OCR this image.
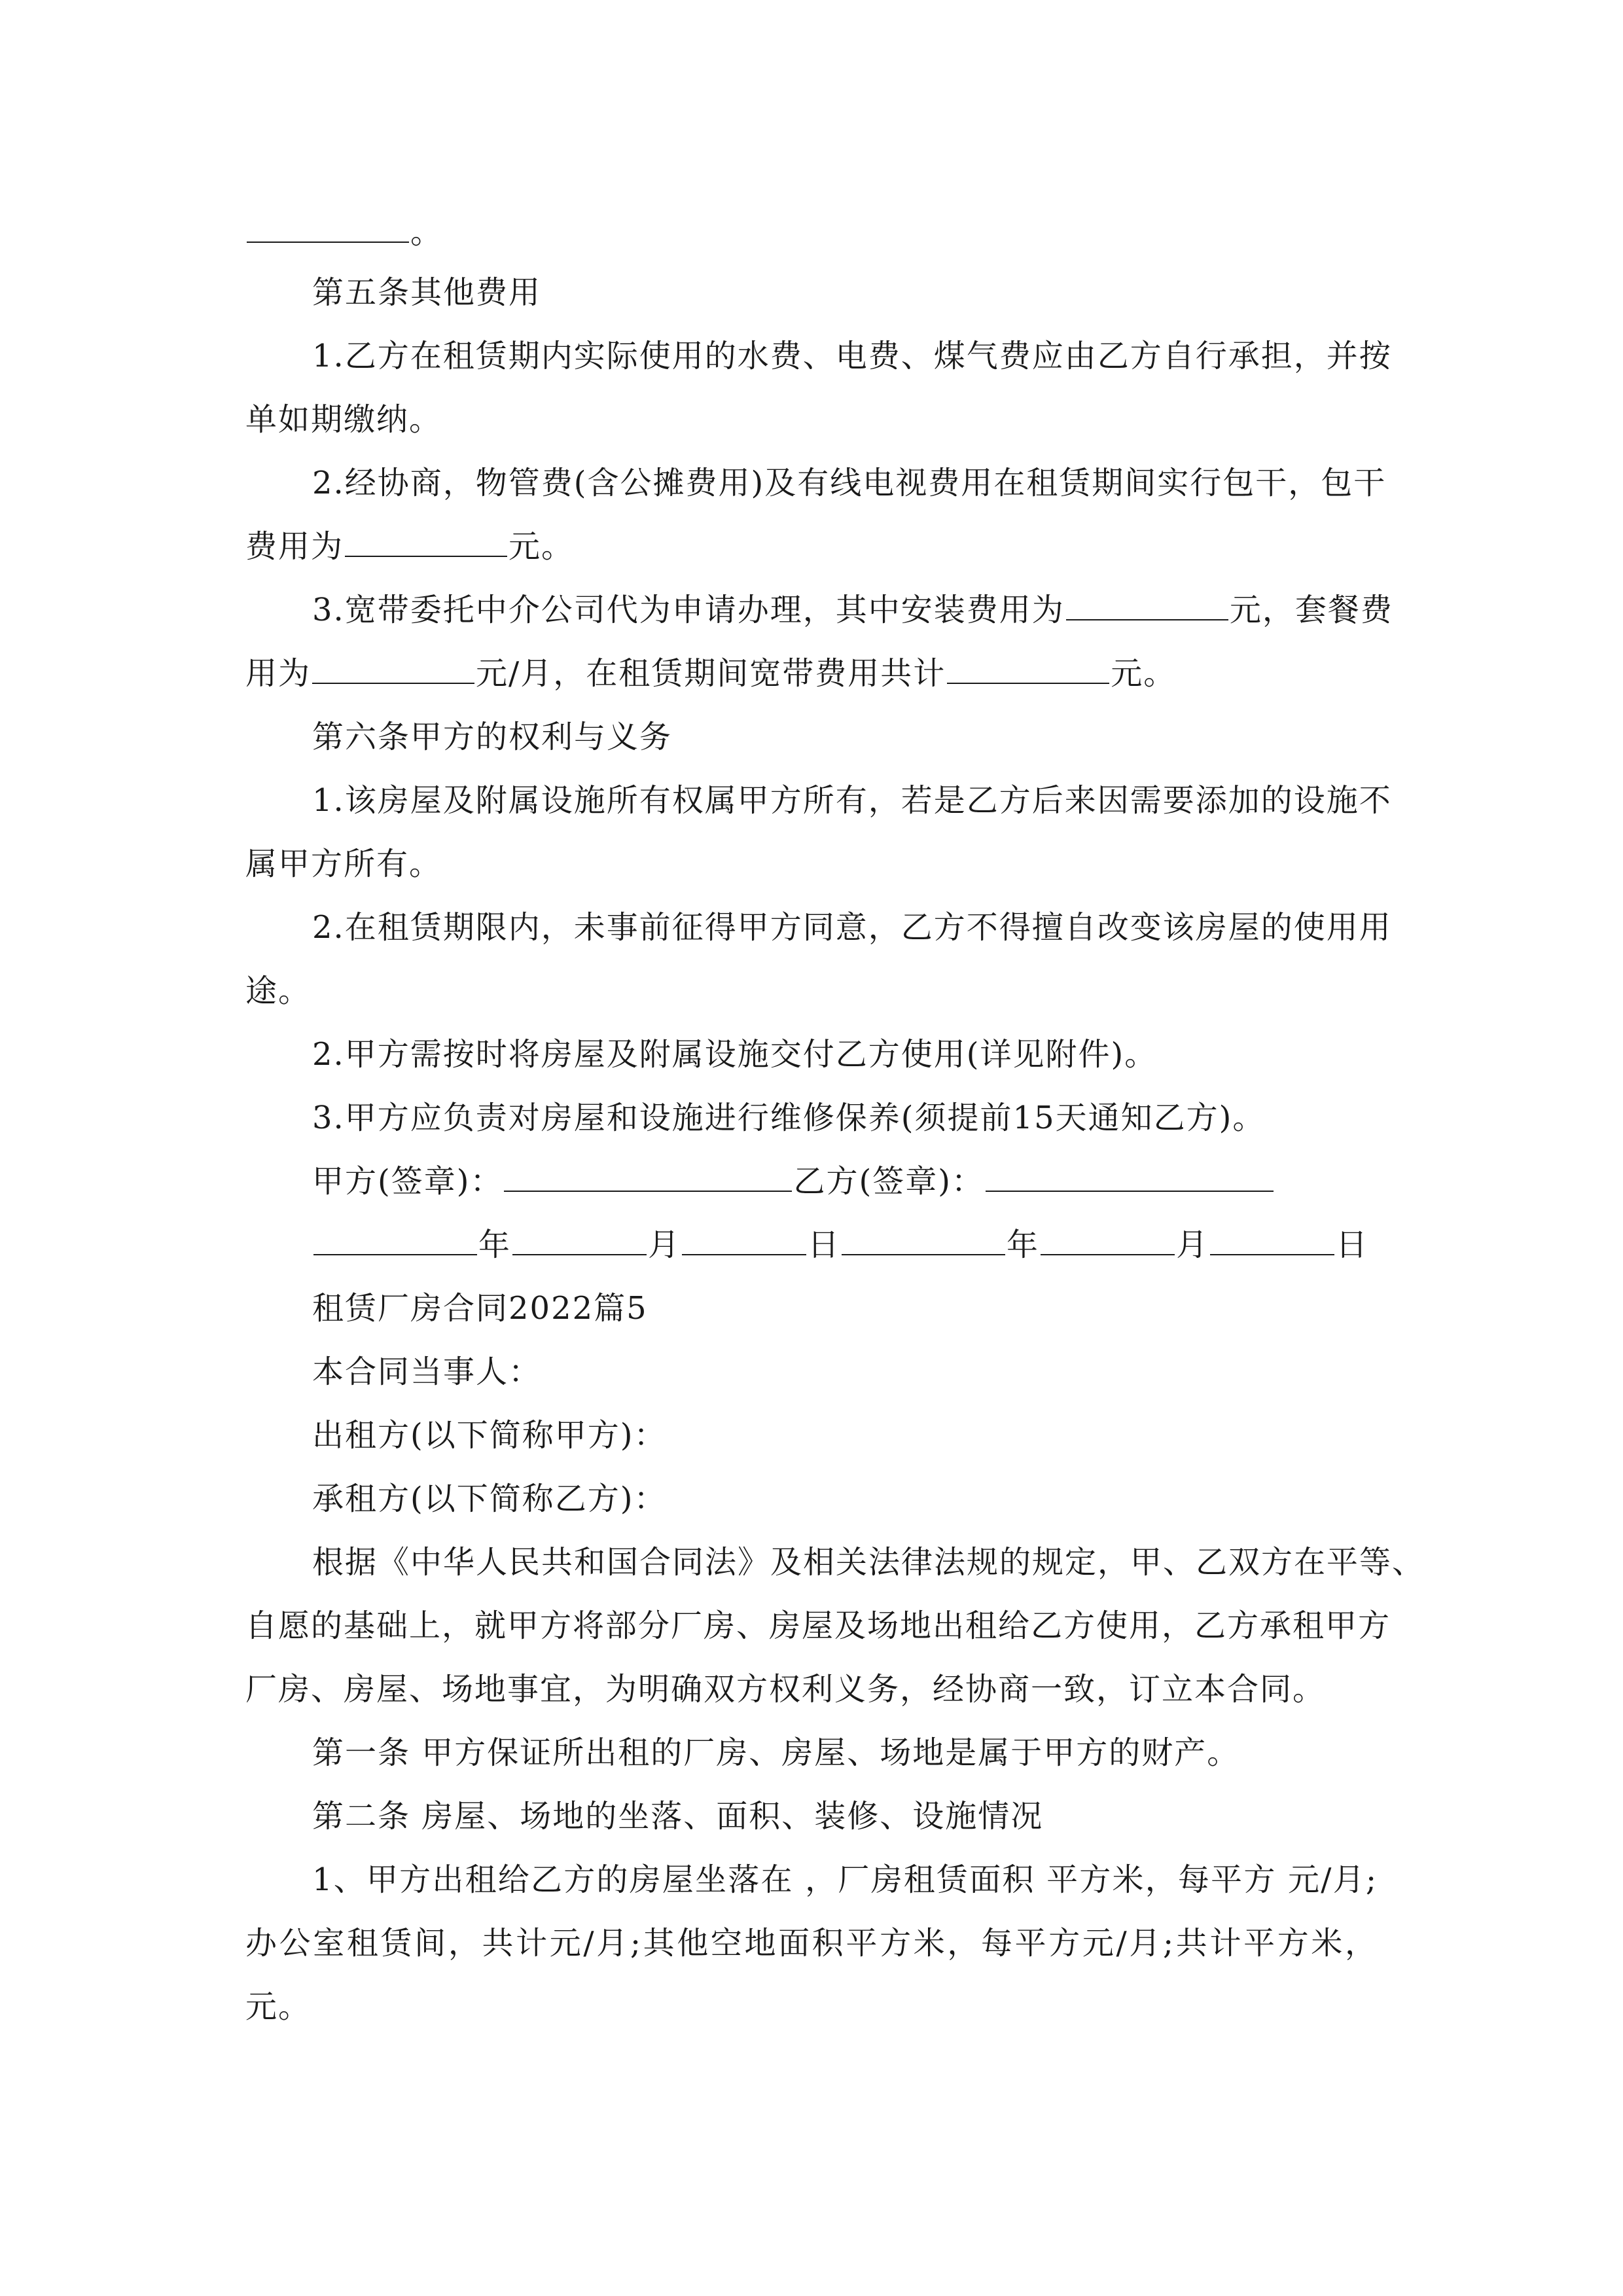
。
第五条其他费用
1.乙方在租赁期内实际使用的水费、电费、煤气费应由乙方自行承担，并按
单如期缴纳。
2.经协商，物管费(含公摊费用)及有线电视费用在租赁期间实行包干，包干
费用为	元。
3.宽带委托中介公司代为申请办理，其中安装费用为	元，套餐费
用为	元/月，在租赁期间宽带费用共计	元。
第六条甲方的权利与义务
1.该房屋及附属设施所有权属甲方所有，若是乙方后来因需要添加的设施不
属甲方所有。
2.在租赁期限内，未事前征得甲方同意，乙方不得擅自改变该房屋的使用用
途。
2.甲方需按时将房屋及附属设施交付乙方使用(详见附件)。
3.甲方应负责对房屋和设施进行维修保养(须提前15天通知乙方)。
甲方(签章)：	乙方(签章)：
年	月	日	年	月	日
租赁厂房合同2022篇5
本合同当事人：
出租方(以下简称甲方)：
承租方(以下简称乙方)：
根据《中华人民共和国合同法》及相关法律法规的规定，甲、乙双方在平等、
自愿的基础上，就甲方将部分厂房、房屋及场地出租给乙方使用，乙方承租甲方
厂房、房屋、场地事宜，为明确双方权利义务，经协商一致，订立本合同。
第一条 甲方保证所出租的厂房、房屋、场地是属于甲方的财产。
第二条 房屋、场地的坐落、面积、装修、设施情况
1、甲方出租给乙方的房屋坐落在 ，厂房租赁面积 平方米，每平方 元/月;
办公室租赁间，共计元/月;其他空地面积平方米，每平方元/月;共计平方米，
元。
